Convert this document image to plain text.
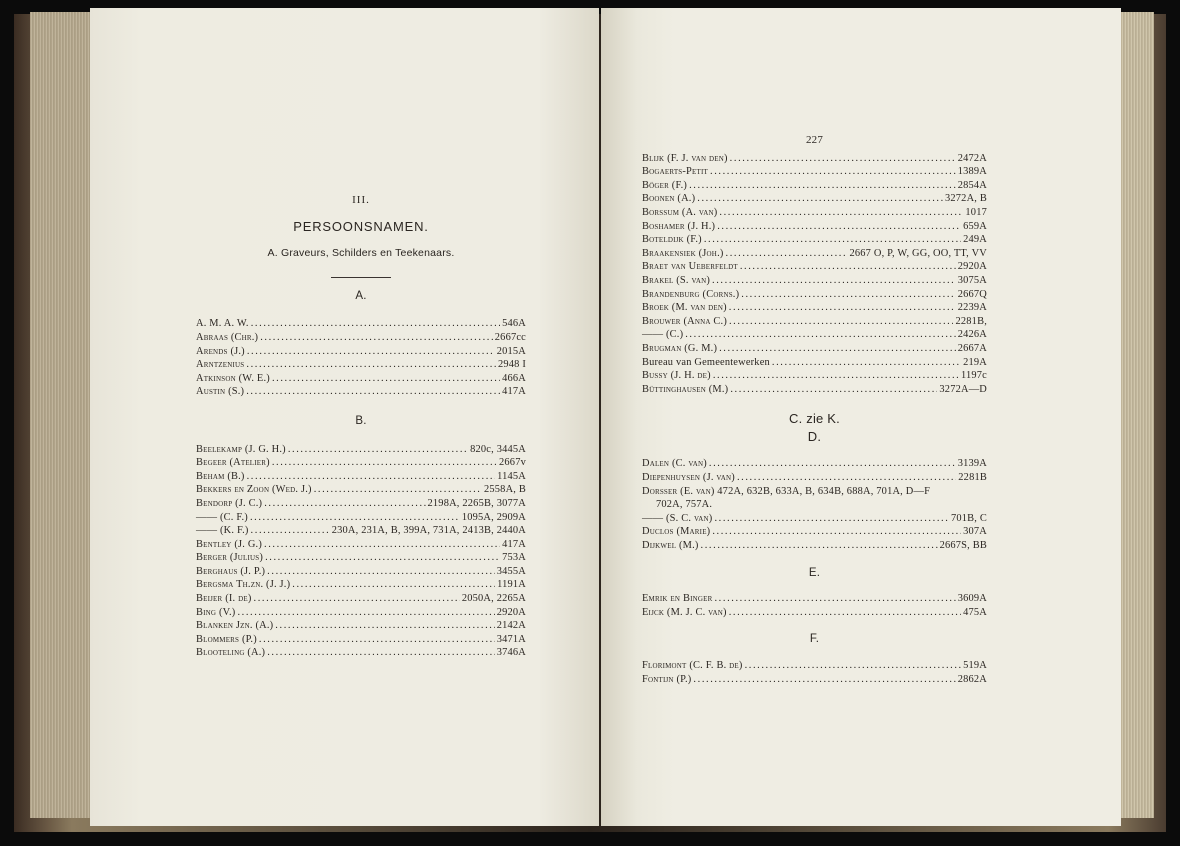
III.
PERSOONSNAMEN.
A. Graveurs, Schilders en Teekenaars.
A.
A. M. A. W. . . .	546A
Abraas (Chr.) . . .	2667cc
Arends (J.) . . .	2015A
Arntzenius . . .	2948 I
Atkinson (W. E.) . . .	466A
Austin (S.) . . .	417A
B.
Beelekamp (J. G. H.) . . .	820c, 3445A
Begeer (Atelier) . . .	2667v
Beham (B.) . . .	1145A
Bekkers en Zoon (Wed. J.) . . .	2558A, B
Bendorp (J. C.) . . .	2198A, 2265B, 3077A
—— (C. F.) . . .	1095A, 2909A
—— (K. F.) . . .	230A, 231A, B, 399A, 731A, 2413B, 2440A
Bentley (J. G.) . . .	417A
Berger (Julius) . . .	753A
Berghaus (J. P.) . . .	3455A
Bergsma Th.zn. (J. J.) . . .	1191A
Beijer (I. de) . . .	2050A, 2265A
Bing (V.) . . .	2920A
Blanken Jzn. (A.) . . .	2142A
Blommers (P.) . . .	3471A
Blooteling (A.) . . .	3746A
227
Blijk (F. J. van den) . . .	2472A
Bogaerts-Petit . . .	1389A
Böger (F.) . . .	2854A
Boonen (A.) . . .	3272A, B
Borssum (A. van) . . .	1017
Boshamer (J. H.) . . .	659A
Boteldijk (F.) . . .	249A
Braakensiek (Joh.) . . .	2667 O, P, W, GG, OO, TT, VV
Braet van Ueberfeldt . . .	2920A
Brakel (S. van) . . .	3075A
Brandenburg (Corns.) . . .	2667Q
Broek (M. van den) . . .	2239A
Brouwer (Anna C.) . . .	2281B,
—— (C.) . . .	2426A
Brugman (G. M.) . . .	2667A
Bureau van Gemeentewerken . . .	219A
Bussy (J. H. de) . . .	1197c
Büttinghausen (M.) . . .	3272A—D
C. zie K.
D.
Dalen (C. van) . . .	3139A
Diepenhuysen (J. van) . . .	2281B
Dorsser (E. van) 472A, 632B, 633A, B, 634B, 688A, 701A, D—F
702A, 757A.
—— (S. C. van) . . .	701B, C
Duclos (Marie) . . .	307A
Dijkwel (M.) . . .	2667S, BB
E.
Emrik en Binger . . .	3609A
Eijck (M. J. C. van) . . .	475A
F.
Florimont (C. F. B. de) . . .	519A
Fontijn (P.) . . .	2862A
